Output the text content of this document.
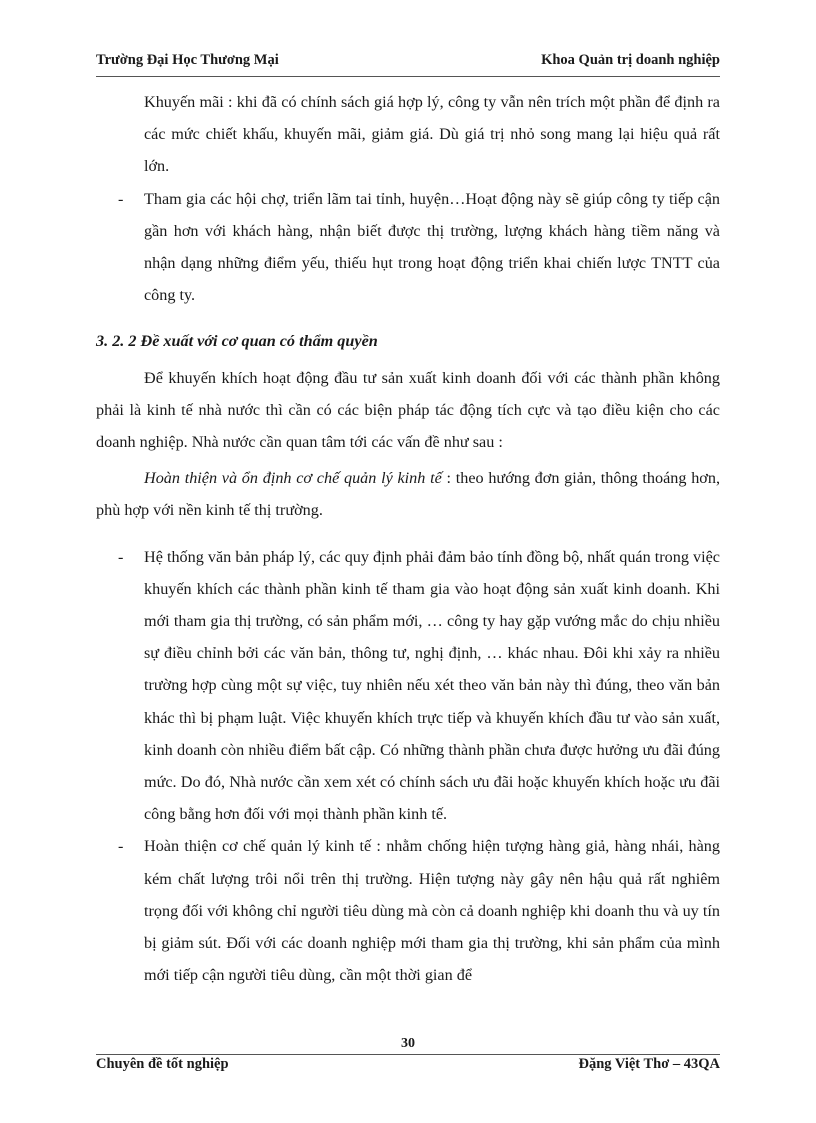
Trường Đại Học Thương Mại	Khoa Quản trị doanh nghiệp

Khuyến mãi : khi đã có chính sách giá hợp lý, công ty vẫn nên trích một phần để định ra các mức chiết khấu, khuyến mãi, giảm giá. Dù giá trị nhỏ song mang lại hiệu quả rất lớn.

- Tham gia các hội chợ, triển lãm tai tỉnh, huyện…Hoạt động này sẽ giúp công ty tiếp cận gần hơn với khách hàng, nhận biết được thị trường, lượng khách hàng tiềm năng và nhận dạng những điểm yếu, thiếu hụt trong hoạt động triển khai chiến lược TNTT của công ty.

3. 2. 2 Đề xuất với cơ quan có thẩm quyền

Để khuyến khích hoạt động đầu tư sản xuất kinh doanh đối với các thành phần không phải là kinh tế nhà nước thì cần có các biện pháp tác động tích cực và tạo điều kiện cho các doanh nghiệp. Nhà nước cần quan tâm tới các vấn đề như sau :

Hoàn thiện và ổn định cơ chế quản lý kinh tế : theo hướng đơn giản, thông thoáng hơn, phù hợp với nền kinh tế thị trường.

- Hệ thống văn bản pháp lý, các quy định phải đảm bảo tính đồng bộ, nhất quán trong việc khuyến khích các thành phần kinh tế tham gia vào hoạt động sản xuất kinh doanh. Khi mới tham gia thị trường, có sản phẩm mới, … công ty hay gặp vướng mắc do chịu nhiều sự điều chỉnh bởi các văn bản, thông tư, nghị định, … khác nhau. Đôi khi xảy ra nhiều trường hợp cùng một sự việc, tuy nhiên nếu xét theo văn bản này thì đúng, theo văn bản khác thì bị phạm luật. Việc khuyến khích trực tiếp và khuyến khích đầu tư vào sản xuất, kinh doanh còn nhiều điểm bất cập. Có những thành phần chưa được hưởng ưu đãi đúng mức. Do đó, Nhà nước cần xem xét có chính sách ưu đãi hoặc khuyến khích hoặc ưu đãi công bằng hơn đối với mọi thành phần kinh tế.
- Hoàn thiện cơ chế quản lý kinh tế : nhằm chống hiện tượng hàng giả, hàng nhái, hàng kém chất lượng trôi nổi trên thị trường. Hiện tượng này gây nên hậu quả rất nghiêm trọng đối với không chỉ người tiêu dùng mà còn cả doanh nghiệp khi doanh thu và uy tín bị giảm sút. Đối với các doanh nghiệp mới tham gia thị trường, khi sản phẩm của mình mới tiếp cận người tiêu dùng, cần một thời gian để
30
Chuyên đề tốt nghiệp	Đặng Việt Thơ – 43QA
